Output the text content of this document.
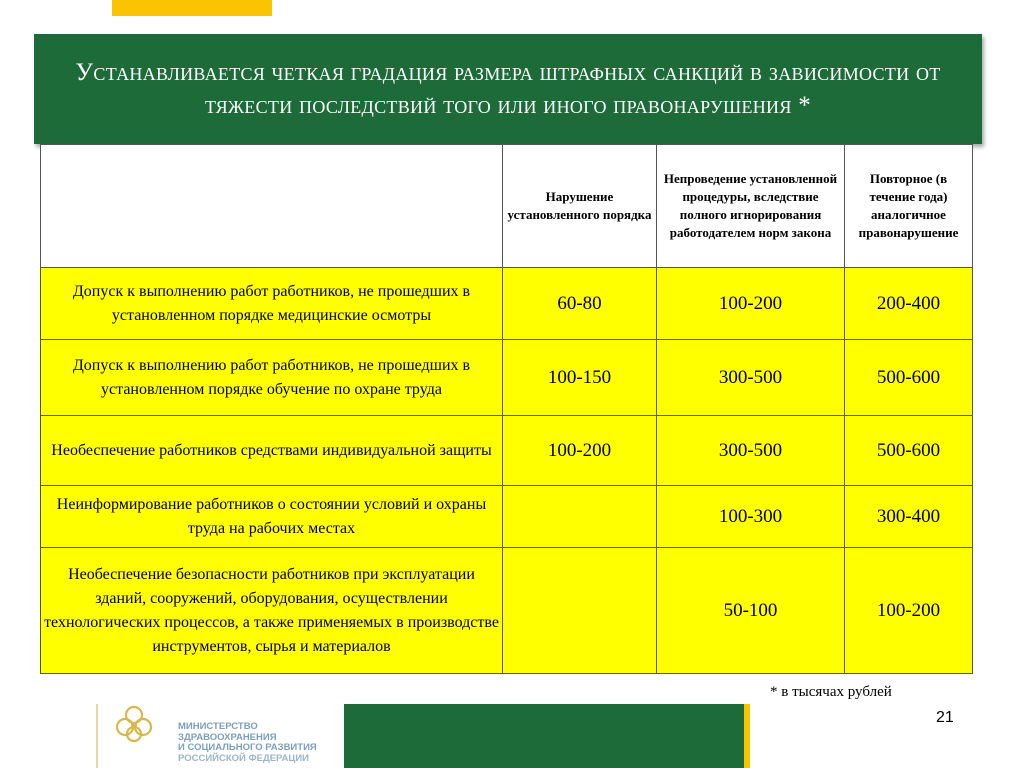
Устанавливается четкая градация размера штрафных санкций в зависимости от тяжести последствий того или иного правонарушения *
	Нарушение установленного порядка	Непроведение установленной процедуры, вследствие полного игнорирования работодателем норм закона	Повторное (в течение года) аналогичное правонарушение
Допуск к выполнению работ работников, не прошедших в установленном порядке медицинские осмотры	60-80	100-200	200-400
Допуск к выполнению работ работников, не прошедших в установленном порядке обучение по охране труда	100-150	300-500	500-600
Необеспечение работников средствами индивидуальной защиты	100-200	300-500	500-600
Неинформирование работников о состоянии условий и охраны труда на рабочих местах		100-300	300-400
Необеспечение безопасности работников при эксплуатации зданий, сооружений, оборудования, осуществлении технологических процессов, а также применяемых в производстве инструментов, сырья и материалов		50-100	100-200
* в тысячах рублей
21
МИНИСТЕРСТВО
ЗДРАВООХРАНЕНИЯ
И СОЦИАЛЬНОГО РАЗВИТИЯ
РОССИЙСКОЙ ФЕДЕРАЦИИ
